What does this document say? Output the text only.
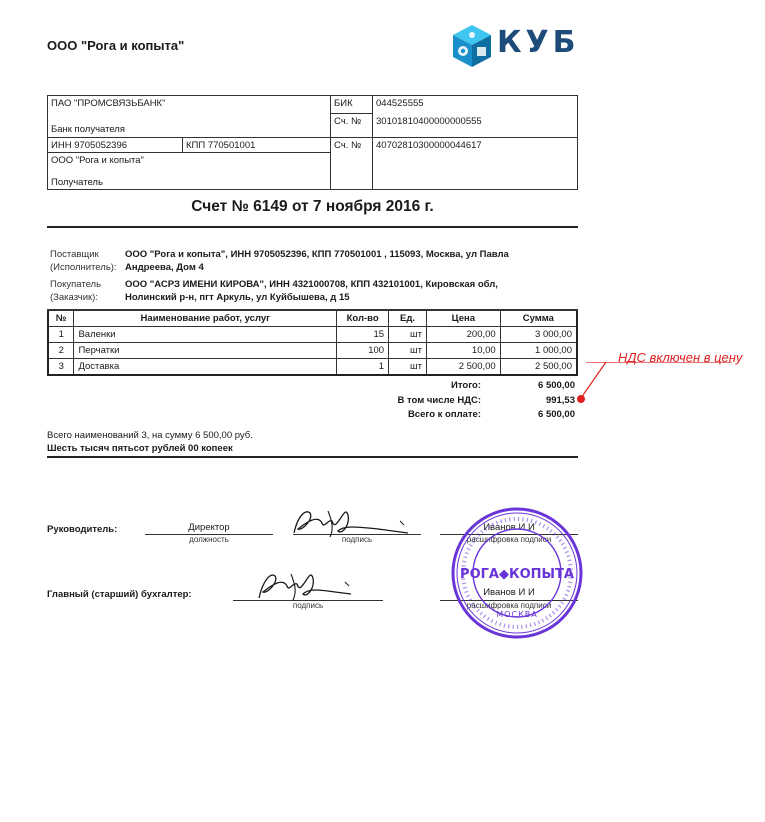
ООО "Рога и копыта"	КУБ
ПАО "ПРОМСВЯЗЬБАНК"
Банк получателя
БИК 044525555
Сч. № 30101810400000000555
ИНН 9705052396	КПП 770501001	Сч. № 40702810300000044617
ООО "Рога и копыта"
Получатель
Счет № 6149 от 7 ноября 2016 г.
Поставщик
(Исполнитель):
ООО "Рога и копыта", ИНН 9705052396, КПП 770501001 , 115093, Москва, ул Павла
Андреева, Дом 4
Покупатель
(Заказчик):
ООО "АСРЗ ИМЕНИ КИРОВА", ИНН 4321000708, КПП 432101001, Кировская обл,
Нолинский р-н, пгт Аркуль, ул Куйбышева, д 15
№	Наименование работ, услуг	Кол-во	Ед.	Цена	Сумма
1	Валенки	15	шт	200,00	3 000,00
2	Перчатки	100	шт	10,00	1 000,00
3	Доставка	1	шт	2 500,00	2 500,00
Итого:	6 500,00
В том числе НДС:	991,53
Всего к оплате:	6 500,00
НДС включен в цену
Всего наименований 3, на сумму 6 500,00 руб.
Шесть тысяч пятьсот рублей 00 копеек
Руководитель:	Директор
должность	подпись
Иванов И И
расшифровка подписи
Главный (старший) бухгалтер:
подпись
Иванов И И
расшифровка подписи
РОГА◆КОПЫТА
МОСКВА
